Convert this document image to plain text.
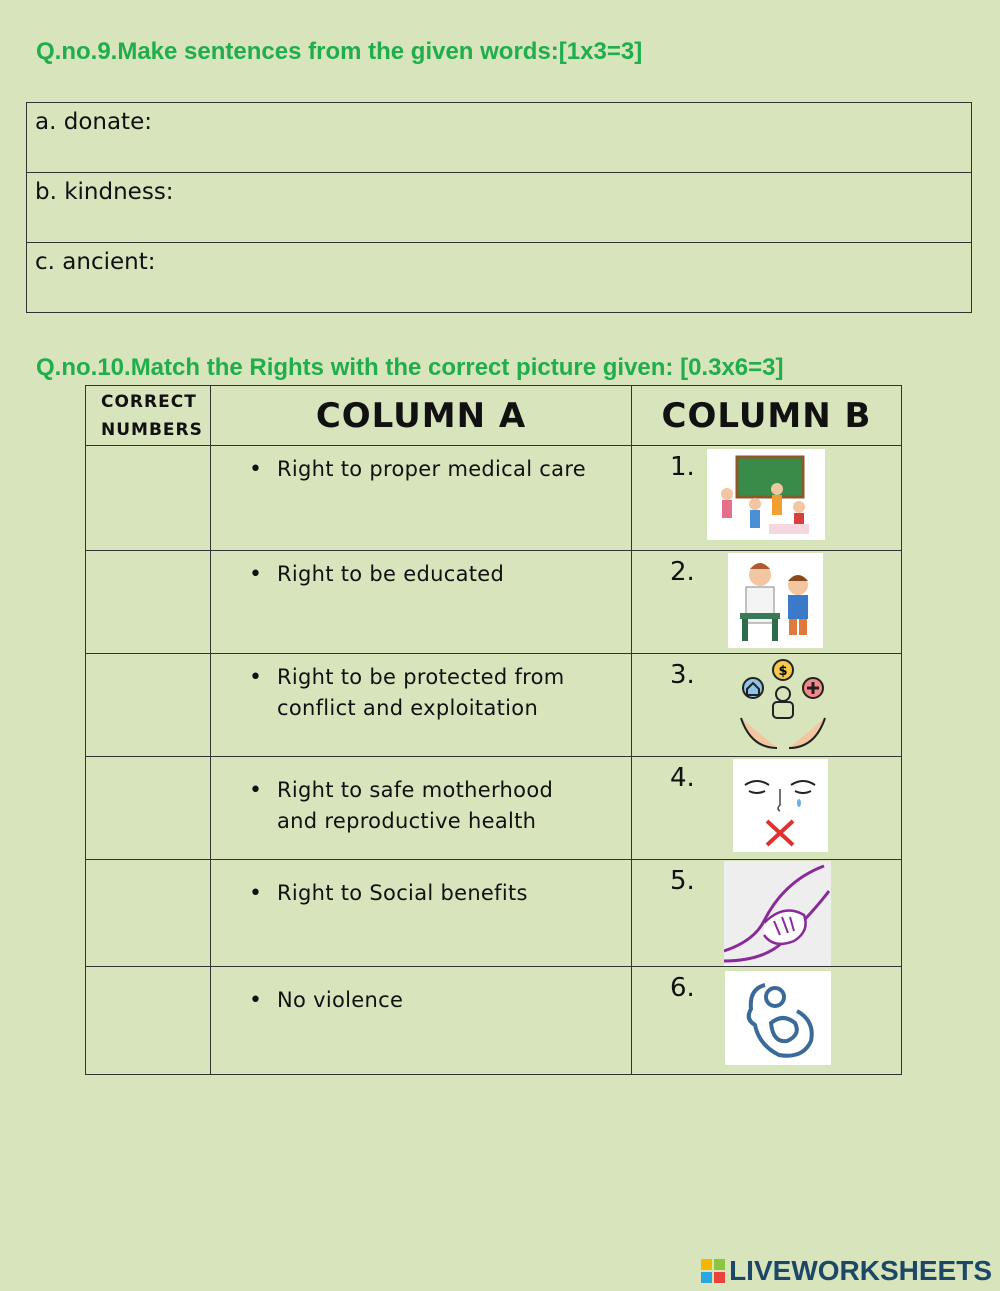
Q.no.9.Make sentences from the given words:[1x3=3]
a. donate:
b. kindness:
c. ancient:
Q.no.10.Match the Rights with the correct picture given: [0.3x6=3]
CORRECT NUMBERS	COLUMN A	COLUMN B

	• Right to proper medical care	1.

	• Right to be educated	2.

	• Right to be protected from conflict and exploitation	3. $

	• Right to safe motherhood and reproductive health	4.

	• Right to Social benefits	5.

	• No violence	6.
LIVEWORKSHEETS
